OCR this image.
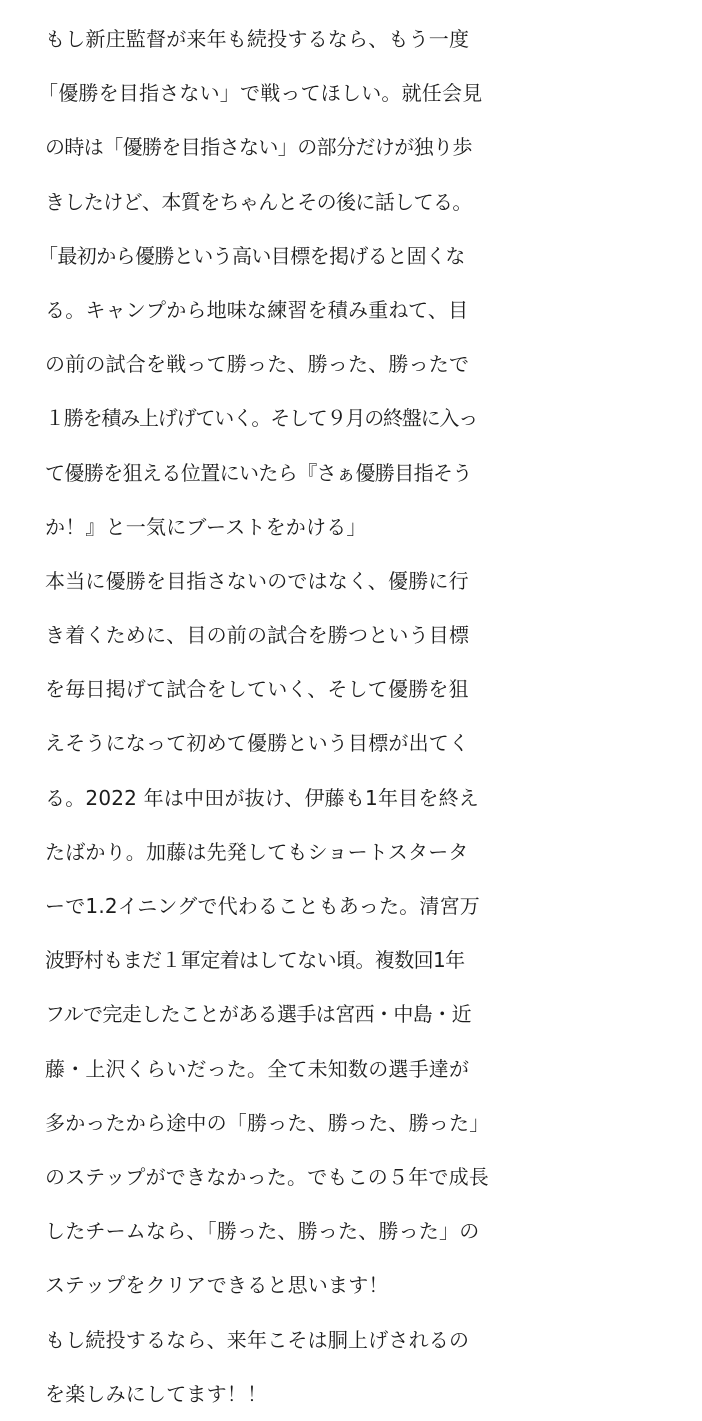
もし新庄監督が来年も続投するなら、もう一度
「優勝を目指さない」で戦ってほしい。就任会見
の時は「優勝を目指さない」の部分だけが独り歩
きしたけど、本質をちゃんとその後に話してる。
「最初から優勝という高い目標を掲げると固くな
る。キャンプから地味な練習を積み重ねて、目
の前の試合を戦って勝った、勝った、勝ったで
１勝を積み上げげていく。そして９月の終盤に入っ
て優勝を狙える位置にいたら『さぁ優勝目指そう
か！』と一気にブーストをかける」
本当に優勝を目指さないのではなく、優勝に行
き着くために、目の前の試合を勝つという目標
を毎日掲げて試合をしていく、そして優勝を狙
えそうになって初めて優勝という目標が出てく
る。2022 年は中田が抜け、伊藤も1年目を終え
たばかり。加藤は先発してもショートスタータ
ーで1.2イニングで代わることもあった。清宮万
波野村もまだ１軍定着はしてない頃。複数回1年
フルで完走したことがある選手は宮西・中島・近
藤・上沢くらいだった。全て未知数の選手達が
多かったから途中の「勝った、勝った、勝った」
のステップができなかった。でもこの５年で成長
したチームなら、「勝った、勝った、勝った」の
ステップをクリアできると思います！
もし続投するなら、来年こそは胴上げされるの
を楽しみにしてます！！
